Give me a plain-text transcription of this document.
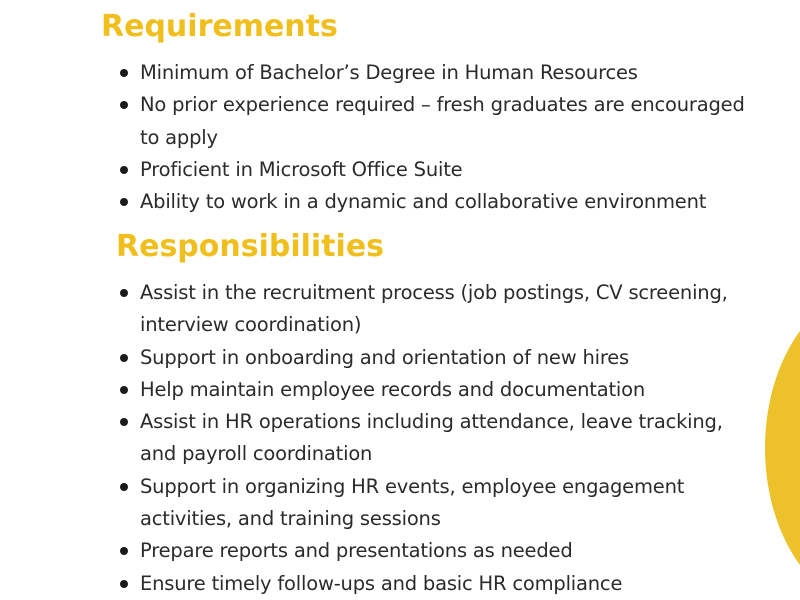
Requirements
Minimum of Bachelor’s Degree in Human Resources
No prior experience required – fresh graduates are encouraged to apply
Proficient in Microsoft Office Suite
Ability to work in a dynamic and collaborative environment
Responsibilities
Assist in the recruitment process (job postings, CV screening, interview coordination)
Support in onboarding and orientation of new hires
Help maintain employee records and documentation
Assist in HR operations including attendance, leave tracking, and payroll coordination
Support in organizing HR events, employee engagement activities, and training sessions
Prepare reports and presentations as needed
Ensure timely follow-ups and basic HR compliance
